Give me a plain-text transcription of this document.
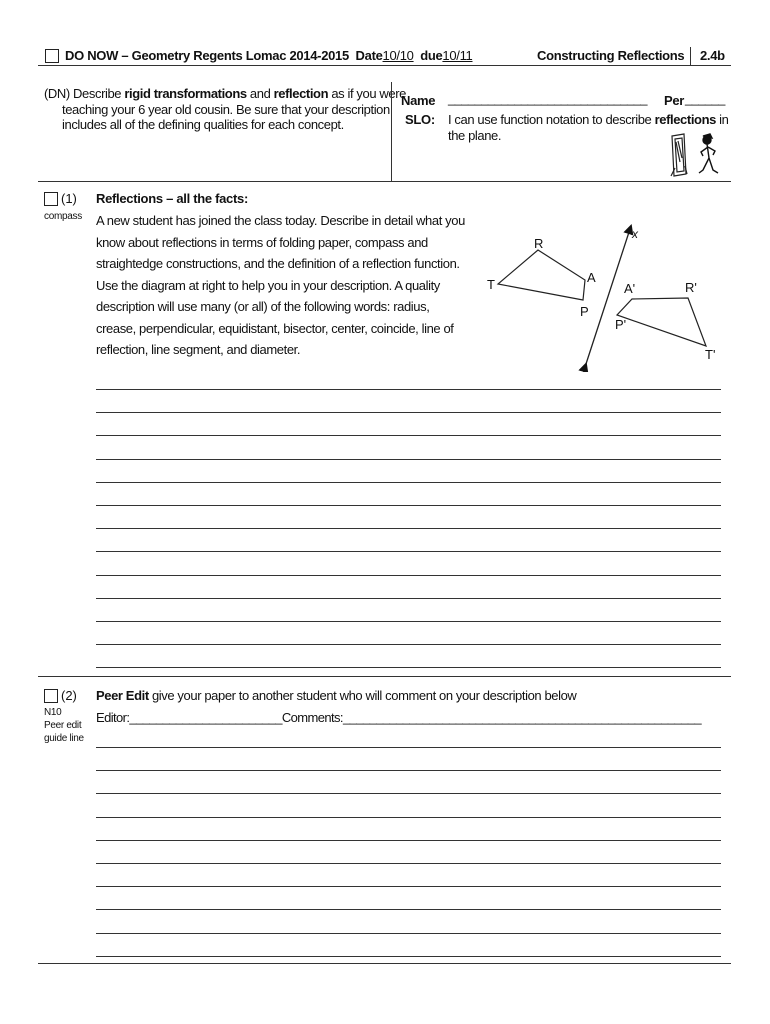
DO NOW – Geometry Regents Lomac 2014-2015 Date10/10 due10/11	Constructing Reflections 2.4b
(DN) Describe rigid transformations and reflection as if you were teaching your 6 year old cousin. Be sure that your description includes all of the defining qualities for each concept.
Name ______________________________ Per ______
SLO: I can use function notation to describe reflections in the plane.
(1)
compass
Reflections – all the facts:
A new student has joined the class today. Describe in detail what you know about reflections in terms of folding paper, compass and straightedge constructions, and the definition of a reflection function. Use the diagram at right to help you in your description. A quality description will use many (or all) of the following words: radius, crease, perpendicular, equidistant, bisector, center, coincide, line of reflection, line segment, and diameter.
x
R
A
P
T	A'	R'
P'
T'
(2)
N10
Peer edit guide line
Peer Edit give your paper to another student who will comment on your description below
Editor:_______________________Comments:______________________________________________________
